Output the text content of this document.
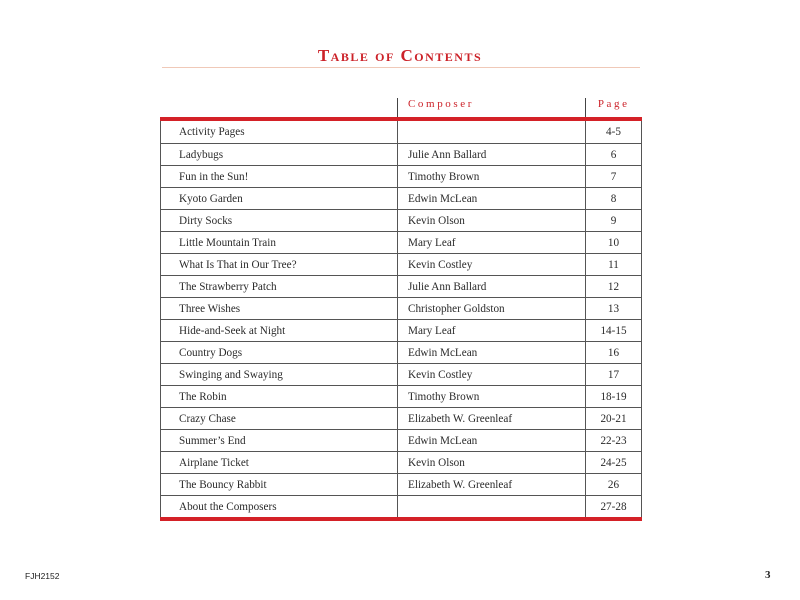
Table of Contents
	Composer	Page
Activity Pages		4-5
Ladybugs	Julie Ann Ballard	6
Fun in the Sun!	Timothy Brown	7
Kyoto Garden	Edwin McLean	8
Dirty Socks	Kevin Olson	9
Little Mountain Train	Mary Leaf	10
What Is That in Our Tree?	Kevin Costley	11
The Strawberry Patch	Julie Ann Ballard	12
Three Wishes	Christopher Goldston	13
Hide-and-Seek at Night	Mary Leaf	14-15
Country Dogs	Edwin McLean	16
Swinging and Swaying	Kevin Costley	17
The Robin	Timothy Brown	18-19
Crazy Chase	Elizabeth W. Greenleaf	20-21
Summer’s End	Edwin McLean	22-23
Airplane Ticket	Kevin Olson	24-25
The Bouncy Rabbit	Elizabeth W. Greenleaf	26
About the Composers		27-28
FJH2152	3
